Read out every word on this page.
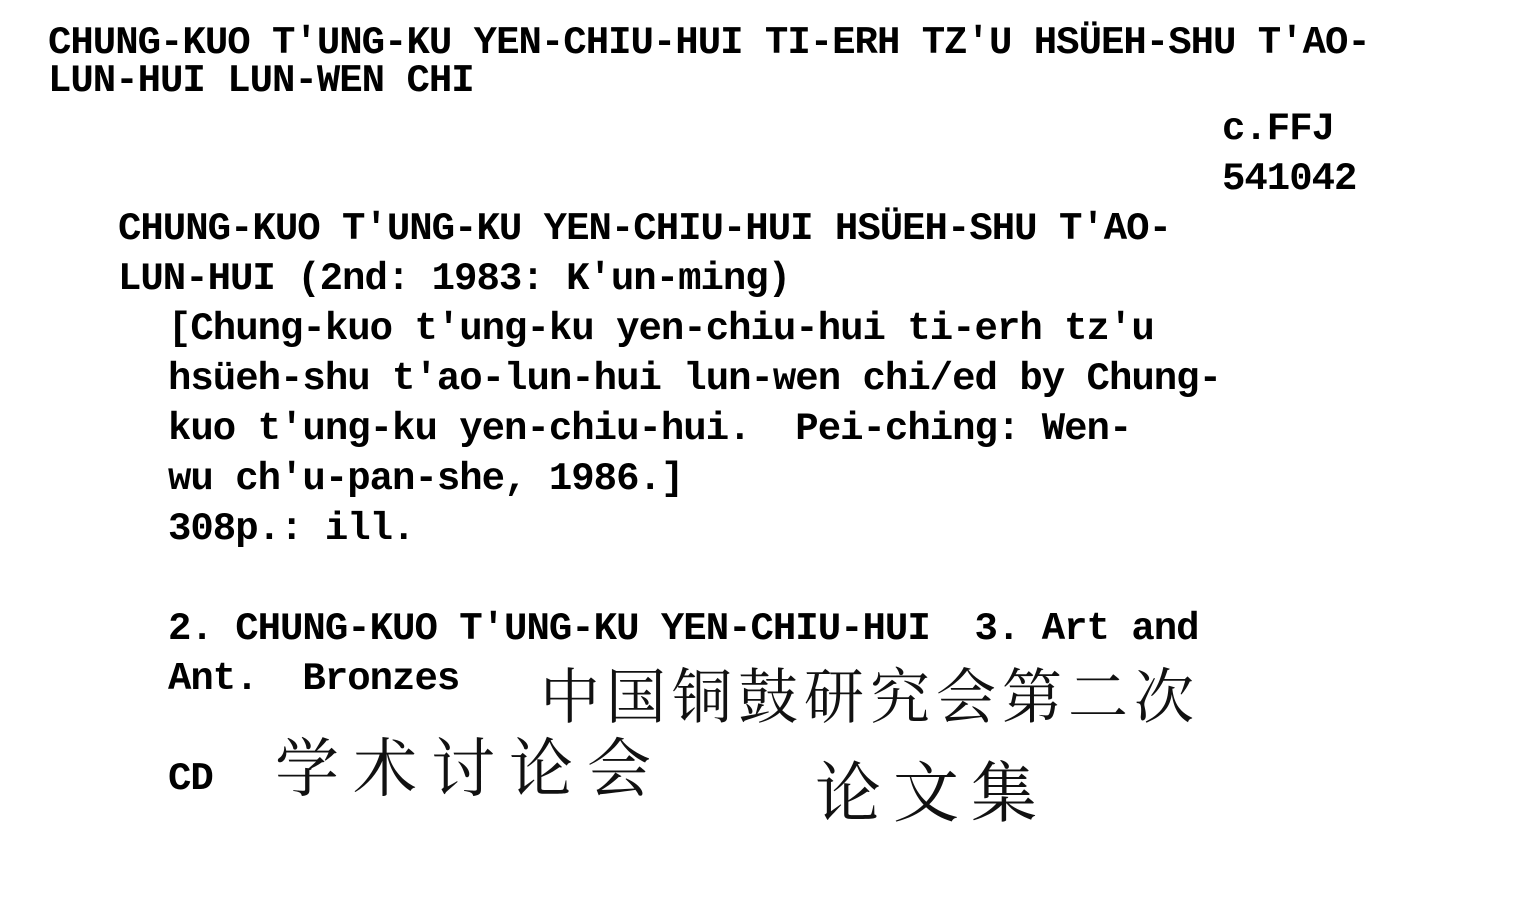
CHUNG-KUO T'UNG-KU YEN-CHIU-HUI TI-ERH TZ'U HSÜEH-SHU T'AO-
LUN-HUI LUN-WEN CHI
c.FFJ
541042
CHUNG-KUO T'UNG-KU YEN-CHIU-HUI HSÜEH-SHU T'AO-
LUN-HUI (2nd: 1983: K'un-ming)
[Chung-kuo t'ung-ku yen-chiu-hui ti-erh tz'u
hsüeh-shu t'ao-lun-hui lun-wen chi/ed by Chung-
kuo t'ung-ku yen-chiu-hui.  Pei-ching: Wen-
wu ch'u-pan-she, 1986.]
308p.: ill.
2. CHUNG-KUO T'UNG-KU YEN-CHIU-HUI  3. Art and
Ant.  Bronzes 中国铜鼓研究会第二次
CD 学术讨论会 论文集
